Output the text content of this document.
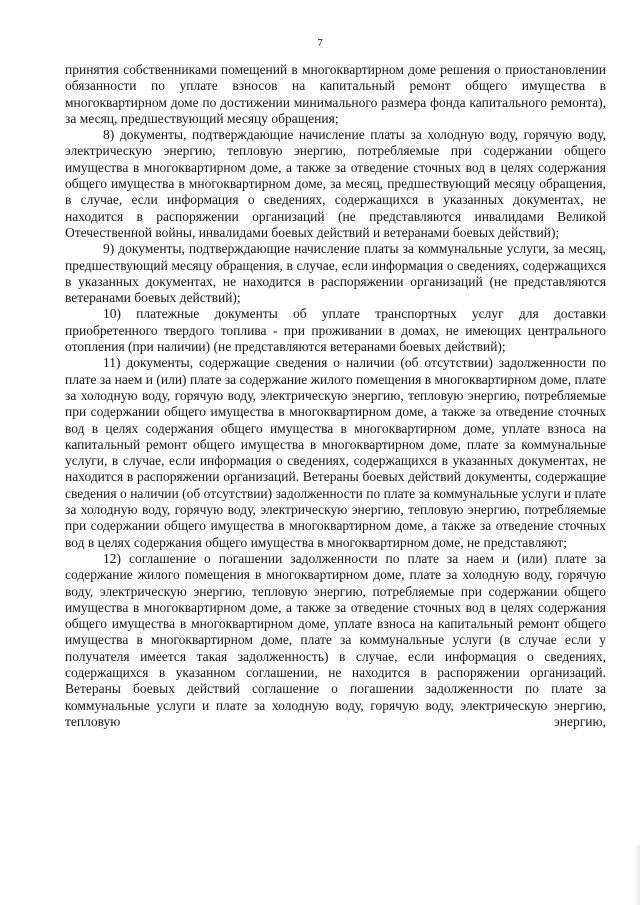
7

принятия собственниками помещений в многоквартирном доме решения о приостановлении обязанности по уплате взносов на капитальный ремонт общего имущества в многоквартирном доме по достижении минимального размера фонда капитального ремонта), за месяц, предшествующий месяцу обращения;

8) документы, подтверждающие начисление платы за холодную воду, горячую воду, электрическую энергию, тепловую энергию, потребляемые при содержании общего имущества в многоквартирном доме, а также за отведение сточных вод в целях содержания общего имущества в многоквартирном доме, за месяц, предшествующий месяцу обращения, в случае, если информация о сведениях, содержащихся в указанных документах, не находится в распоряжении организаций (не представляются инвалидами Великой Отечественной войны, инвалидами боевых действий и ветеранами боевых действий);

9) документы, подтверждающие начисление платы за коммунальные услуги, за месяц, предшествующий месяцу обращения, в случае, если информация о сведениях, содержащихся в указанных документах, не находится в распоряжении организаций (не представляются ветеранами боевых действий);

10) платежные документы об уплате транспортных услуг для доставки приобретенного твердого топлива - при проживании в домах, не имеющих центрального отопления (при наличии) (не представляются ветеранами боевых действий);

11) документы, содержащие сведения о наличии (об отсутствии) задолженности по плате за наем и (или) плате за содержание жилого помещения в многоквартирном доме, плате за холодную воду, горячую воду, электрическую энергию, тепловую энергию, потребляемые при содержании общего имущества в многоквартирном доме, а также за отведение сточных вод в целях содержания общего имущества в многоквартирном доме, уплате взноса на капитальный ремонт общего имущества в многоквартирном доме, плате за коммунальные услуги, в случае, если информация о сведениях, содержащихся в указанных документах, не находится в распоряжении организаций. Ветераны боевых действий документы, содержащие сведения о наличии (об отсутствии) задолженности по плате за коммунальные услуги и плате за холодную воду, горячую воду, электрическую энергию, тепловую энергию, потребляемые при содержании общего имущества в многоквартирном доме, а также за отведение сточных вод в целях содержания общего имущества в многоквартирном доме, не представляют;

12) соглашение о погашении задолженности по плате за наем и (или) плате за содержание жилого помещения в многоквартирном доме, плате за холодную воду, горячую воду, электрическую энергию, тепловую энергию, потребляемые при содержании общего имущества в многоквартирном доме, а также за отведение сточных вод в целях содержания общего имущества в многоквартирном доме, уплате взноса на капитальный ремонт общего имущества в многоквартирном доме, плате за коммунальные услуги (в случае если у получателя имеется такая задолженность) в случае, если информация о сведениях, содержащихся в указанном соглашении, не находится в распоряжении организаций. Ветераны боевых действий соглашение о погашении задолженности по плате за коммунальные услуги и плате за холодную воду, горячую воду, электрическую энергию, тепловую энергию,
